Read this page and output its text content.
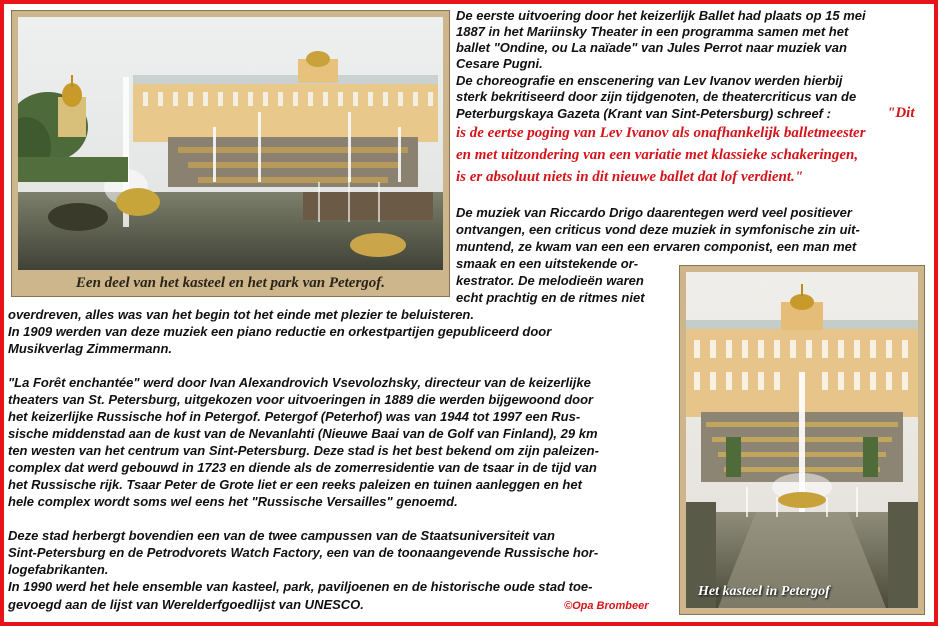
Een deel van het kasteel en het park van Petergof.
Het kasteel in Petergof
De eerste uitvoering door het keizerlijk Ballet had plaats op 15 mei
1887 in het Mariinsky Theater in een programma samen met het
ballet "Ondine, ou La naïade" van Jules Perrot naar muziek van
Cesare Pugni.
De choreografie en enscenering van Lev Ivanov werden hierbij
sterk bekritiseerd door zijn tijdgenoten, de theatercriticus van de
Peterburgskaya Gazeta (Krant van Sint-Petersburg) schreef :	"Dit
is de eertse poging van Lev Ivanov als onafhankelijk balletmeester
en met uitzondering van een variatie met klassieke schakeringen,
is er absoluut niets in dit nieuwe ballet dat lof verdient."
De muziek van Riccardo Drigo daarentegen werd veel positiever
ontvangen, een criticus vond deze muziek in symfonische zin uit-
muntend, ze kwam van een een ervaren componist, een man met
smaak en een uitstekende or-
kestrator. De melodieën waren
echt prachtig en de ritmes niet
overdreven, alles was van het begin tot het einde met plezier te beluisteren.
In 1909 werden van deze muziek een piano reductie en orkestpartijen gepubliceerd door
Musikverlag Zimmermann.
"La Forêt enchantée" werd door Ivan Alexandrovich Vsevolozhsky, directeur van de keizerlijke
theaters van St. Petersburg, uitgekozen voor uitvoeringen in 1889 die werden bijgewoond door
het keizerlijke Russische hof in Petergof. Petergof (Peterhof) was van 1944 tot 1997 een Rus-
sische middenstad aan de kust van de Nevanlahti (Nieuwe Baai van de Golf van Finland), 29 km
ten westen van het centrum van Sint-Petersburg. Deze stad is het best bekend om zijn paleizen-
complex dat werd gebouwd in 1723 en diende als de zomerresidentie van de tsaar in de tijd van
het Russische rijk. Tsaar Peter de Grote liet er een reeks paleizen en tuinen aanleggen en het
hele complex wordt soms wel eens het "Russische Versailles" genoemd.
Deze stad herbergt bovendien een van de twee campussen van de Staatsuniversiteit van
Sint-Petersburg en de Petrodvorets Watch Factory, een van de toonaangevende Russische hor-
logefabrikanten.
In 1990 werd het hele ensemble van kasteel, park, paviljoenen en de historische oude stad toe-
gevoegd aan de lijst van Werelderfgoedlijst van UNESCO.	©Opa Brombeer
